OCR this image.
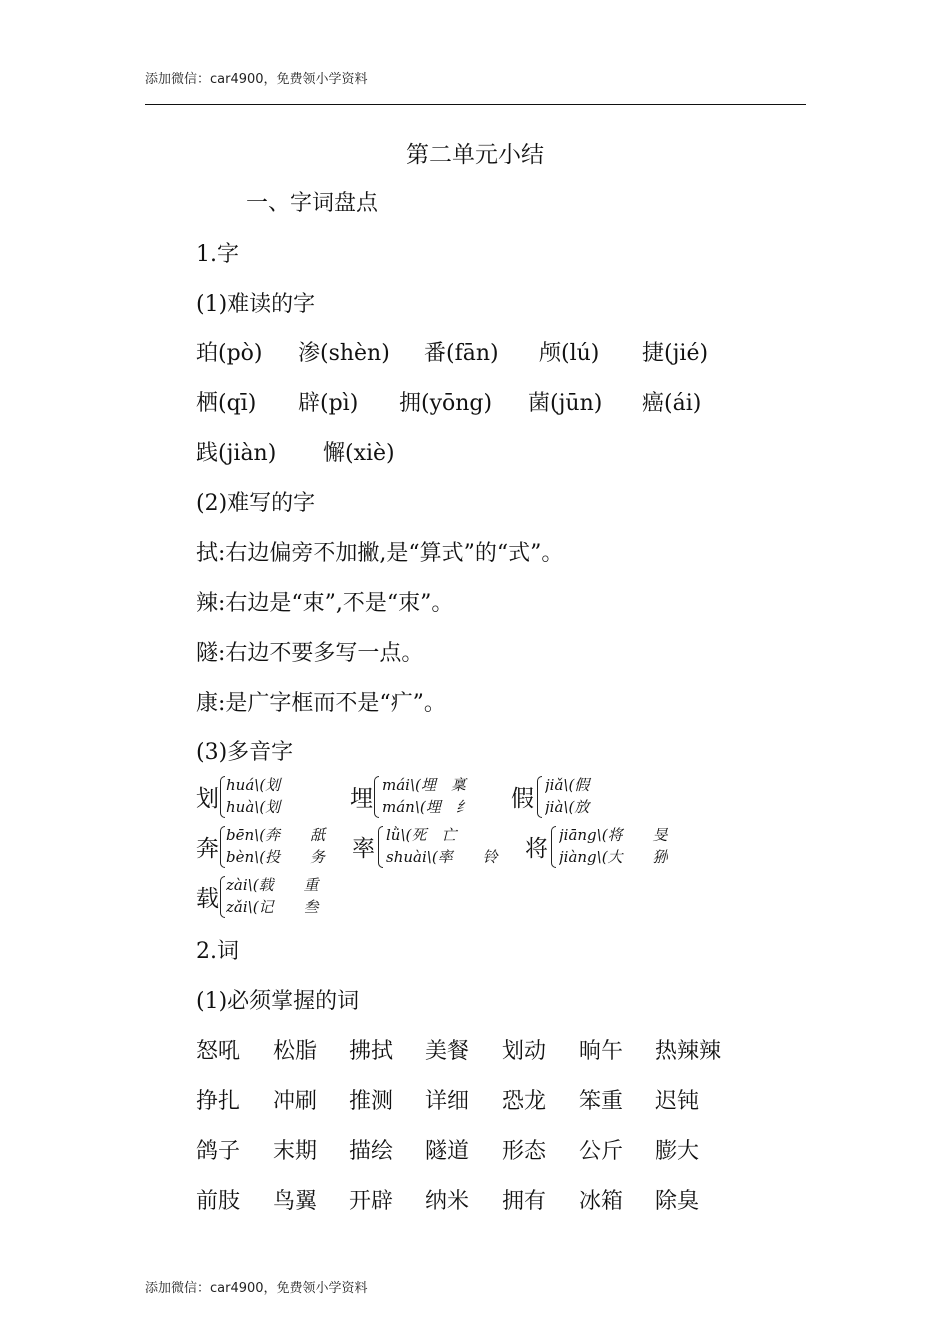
添加微信：car4900，免费领小学资料
第二单元小结
一、字词盘点
1.字
(1)难读的字
珀(pò) 渗(shèn) 番(fān) 颅(lú) 捷(jié)
栖(qī) 辟(pì) 拥(yōng) 菌(jūn) 癌(ái)
践(jiàn) 懈(xiè)
(2)难写的字
拭:右边偏旁不加撇,是“算式”的“式”。
辣:右边是“束”,不是“朿”。
隧:右边不要多写一点。
康:是广字框而不是“疒”。
(3)多音字
划
huá\(划
huà\(划	埋
mái\(埋　稟
mán\(埋　纟 假
jiǎ\(假
jià\(放
奔
bēn\(奔　　舐
bèn\(投　　务 率
lǜ\(死　亡
shuài\(率　　铃 将
jiāng\(将　　旻
jiàng\(大　　狲
载
zài\(载　　重
zǎi\(记　　叁
2.词
(1)必须掌握的词
怒吼 松脂 拂拭 美餐 划动 晌午 热辣辣
挣扎 冲刷 推测 详细 恐龙 笨重 迟钝
鸽子 末期 描绘 隧道 形态 公斤 膨大
前肢 鸟翼 开辟 纳米 拥有 冰箱 除臭
添加微信：car4900，免费领小学资料
